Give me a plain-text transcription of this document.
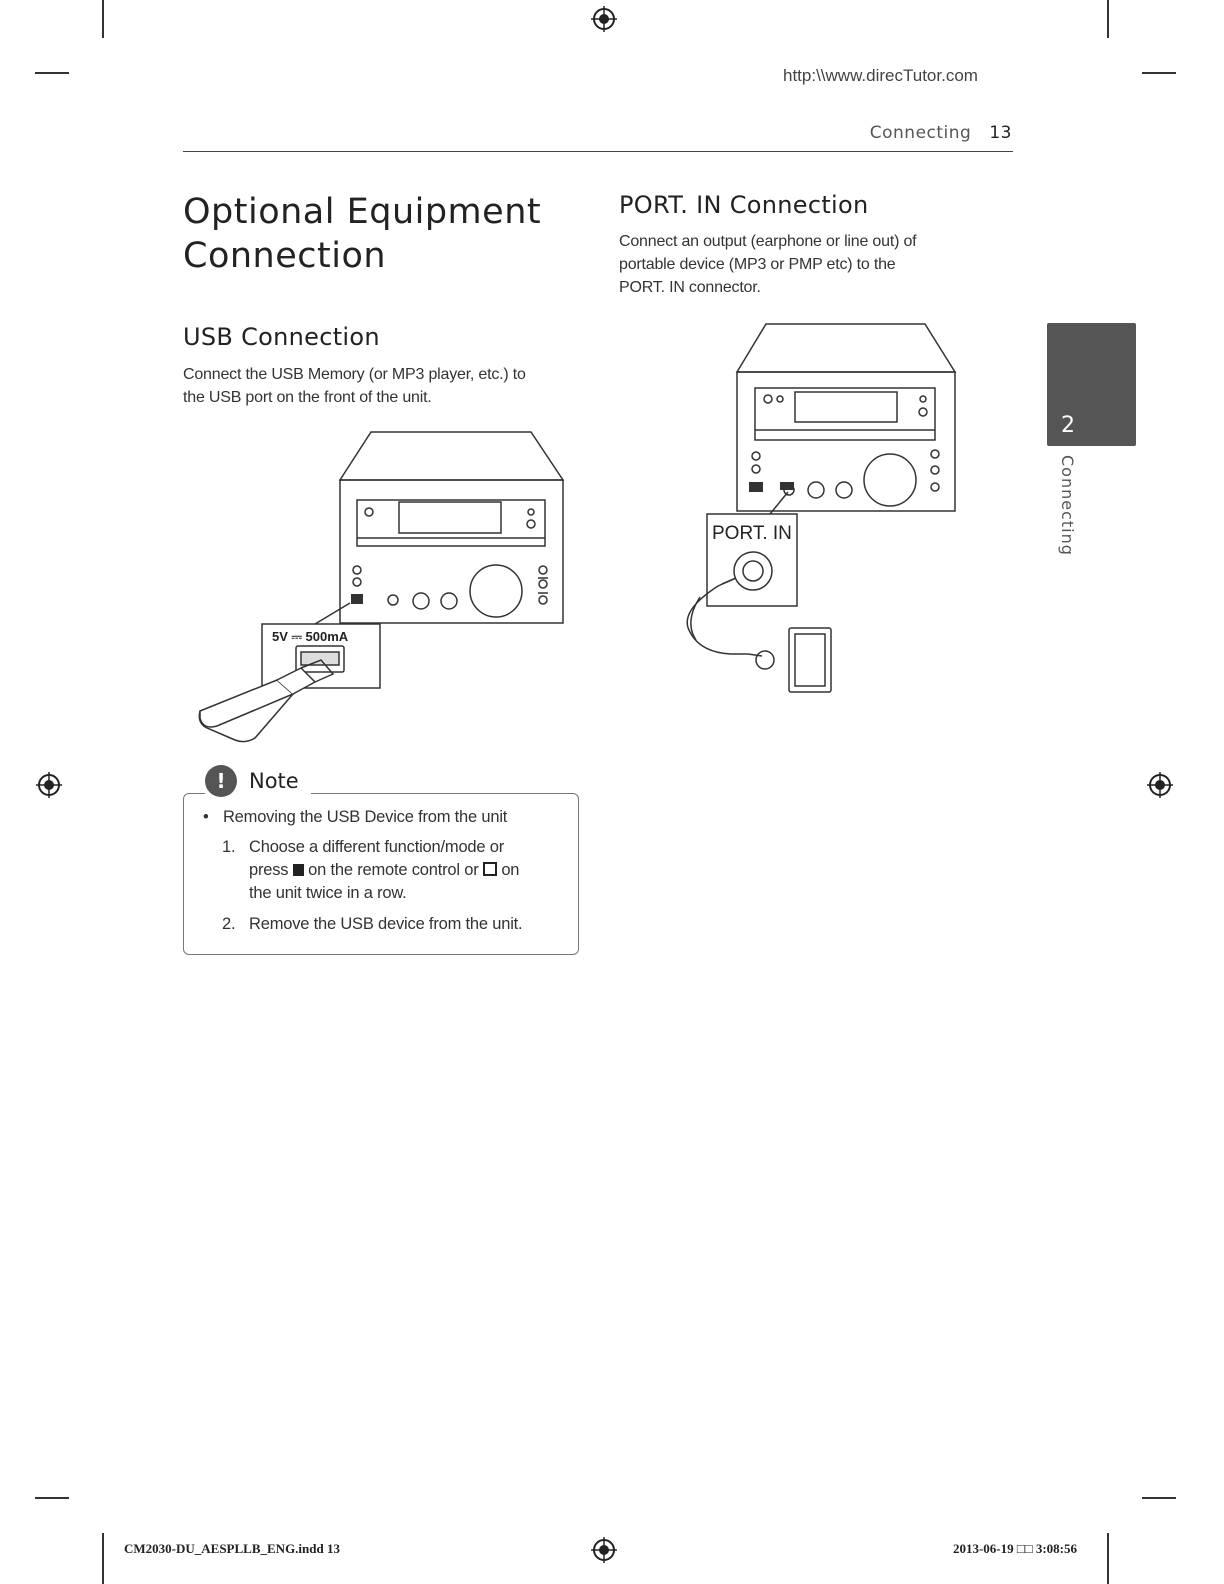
http:\\www.direcTutor.com
Connecting 13
Optional Equipment
Connection
USB Connection
Connect the USB Memory (or MP3 player, etc.) to
the USB port on the front of the unit.
5V ⎓ 500mA
!	Note
• Removing the USB Device from the unit
1. Choose a different function/mode or
press on the remote control or on
the unit twice in a row.
2. Remove the USB device from the unit.
PORT. IN Connection
Connect an output (earphone or line out) of
portable device (MP3 or PMP etc) to the
PORT. IN connector.
PORT. IN
2
Connecting
CM2030-DU_AESPLLB_ENG.indd 13	2013-06-19 □□ 3:08:56
